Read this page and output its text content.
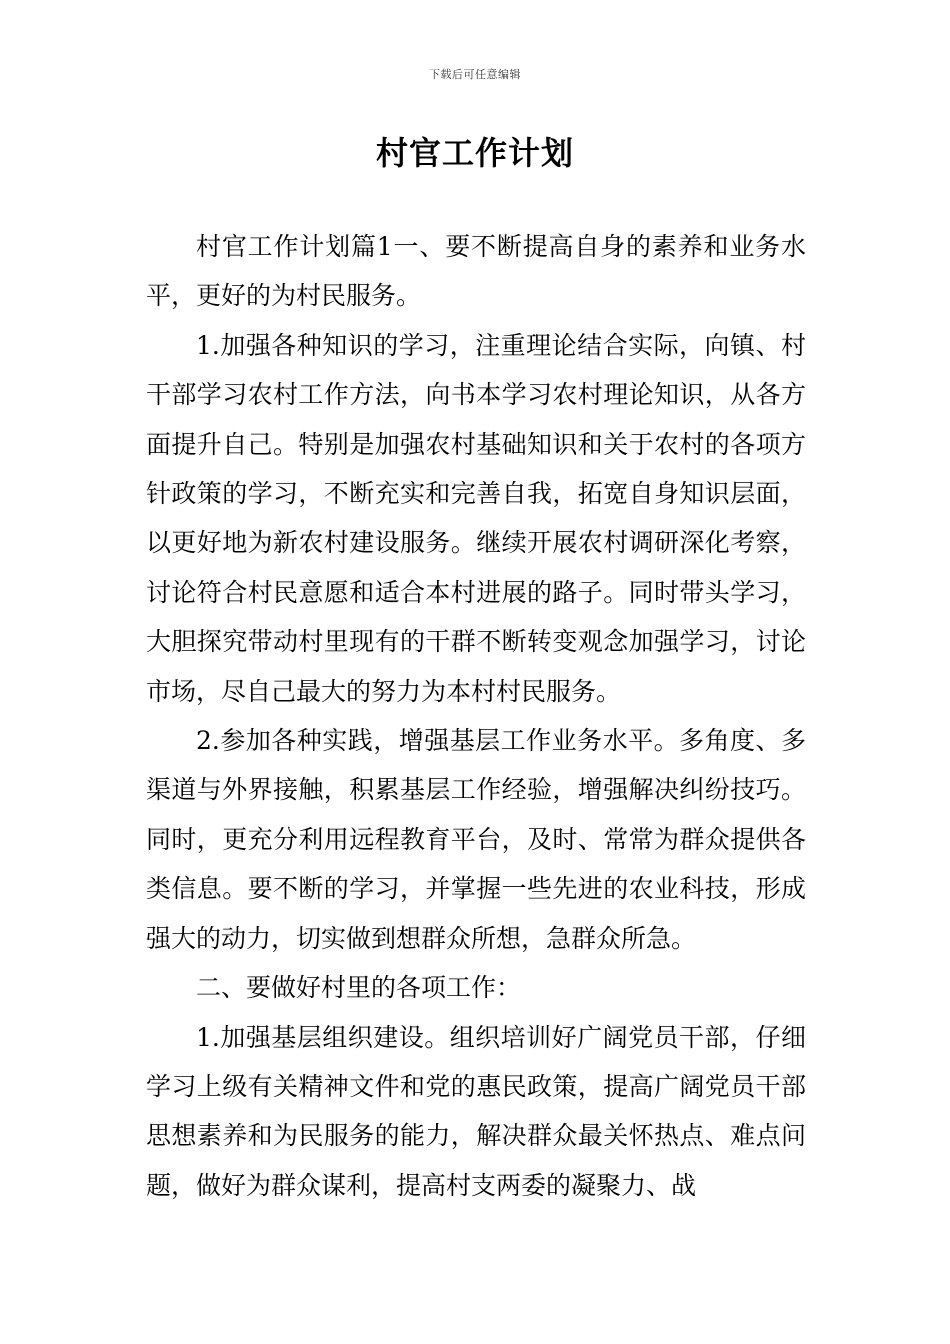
下载后可任意编辑
村官工作计划

村官工作计划篇1一、要不断提高自身的素养和业务水平，更好的为村民服务。

1.加强各种知识的学习，注重理论结合实际，向镇、村干部学习农村工作方法，向书本学习农村理论知识，从各方面提升自己。特别是加强农村基础知识和关于农村的各项方针政策的学习，不断充实和完善自我，拓宽自身知识层面，以更好地为新农村建设服务。继续开展农村调研深化考察，讨论符合村民意愿和适合本村进展的路子。同时带头学习，大胆探究带动村里现有的干群不断转变观念加强学习，讨论市场，尽自己最大的努力为本村村民服务。

2.参加各种实践，增强基层工作业务水平。多角度、多渠道与外界接触，积累基层工作经验，增强解决纠纷技巧。同时，更充分利用远程教育平台，及时、常常为群众提供各类信息。要不断的学习，并掌握一些先进的农业科技，形成强大的动力，切实做到想群众所想，急群众所急。

二、要做好村里的各项工作：

1.加强基层组织建设。组织培训好广阔党员干部，仔细学习上级有关精神文件和党的惠民政策，提高广阔党员干部思想素养和为民服务的能力，解决群众最关怀热点、难点问题，做好为群众谋利，提高村支两委的凝聚力、战
